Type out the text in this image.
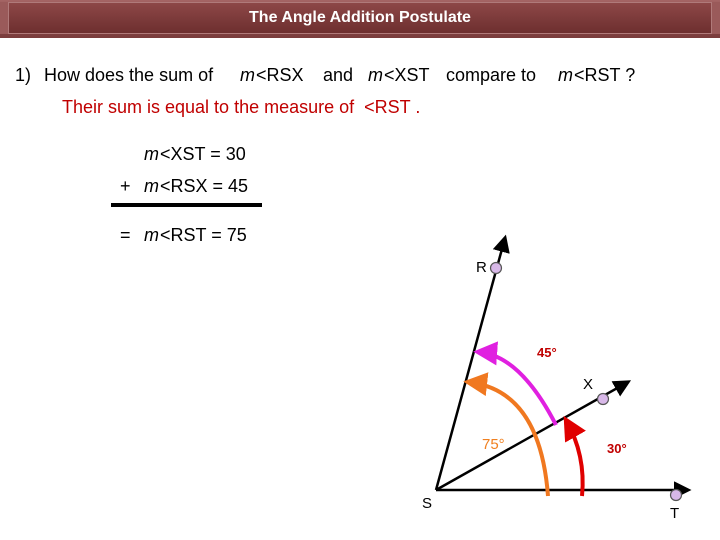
The Angle Addition Postulate
1) How does the sum of m <RSX and m <XST compare to m <RST ?
Their sum is equal to the measure of  <RST .
m <XST = 30
+ m <RSX = 45
= m <RST = 75
R
X
S
T
45°
75°	30°
